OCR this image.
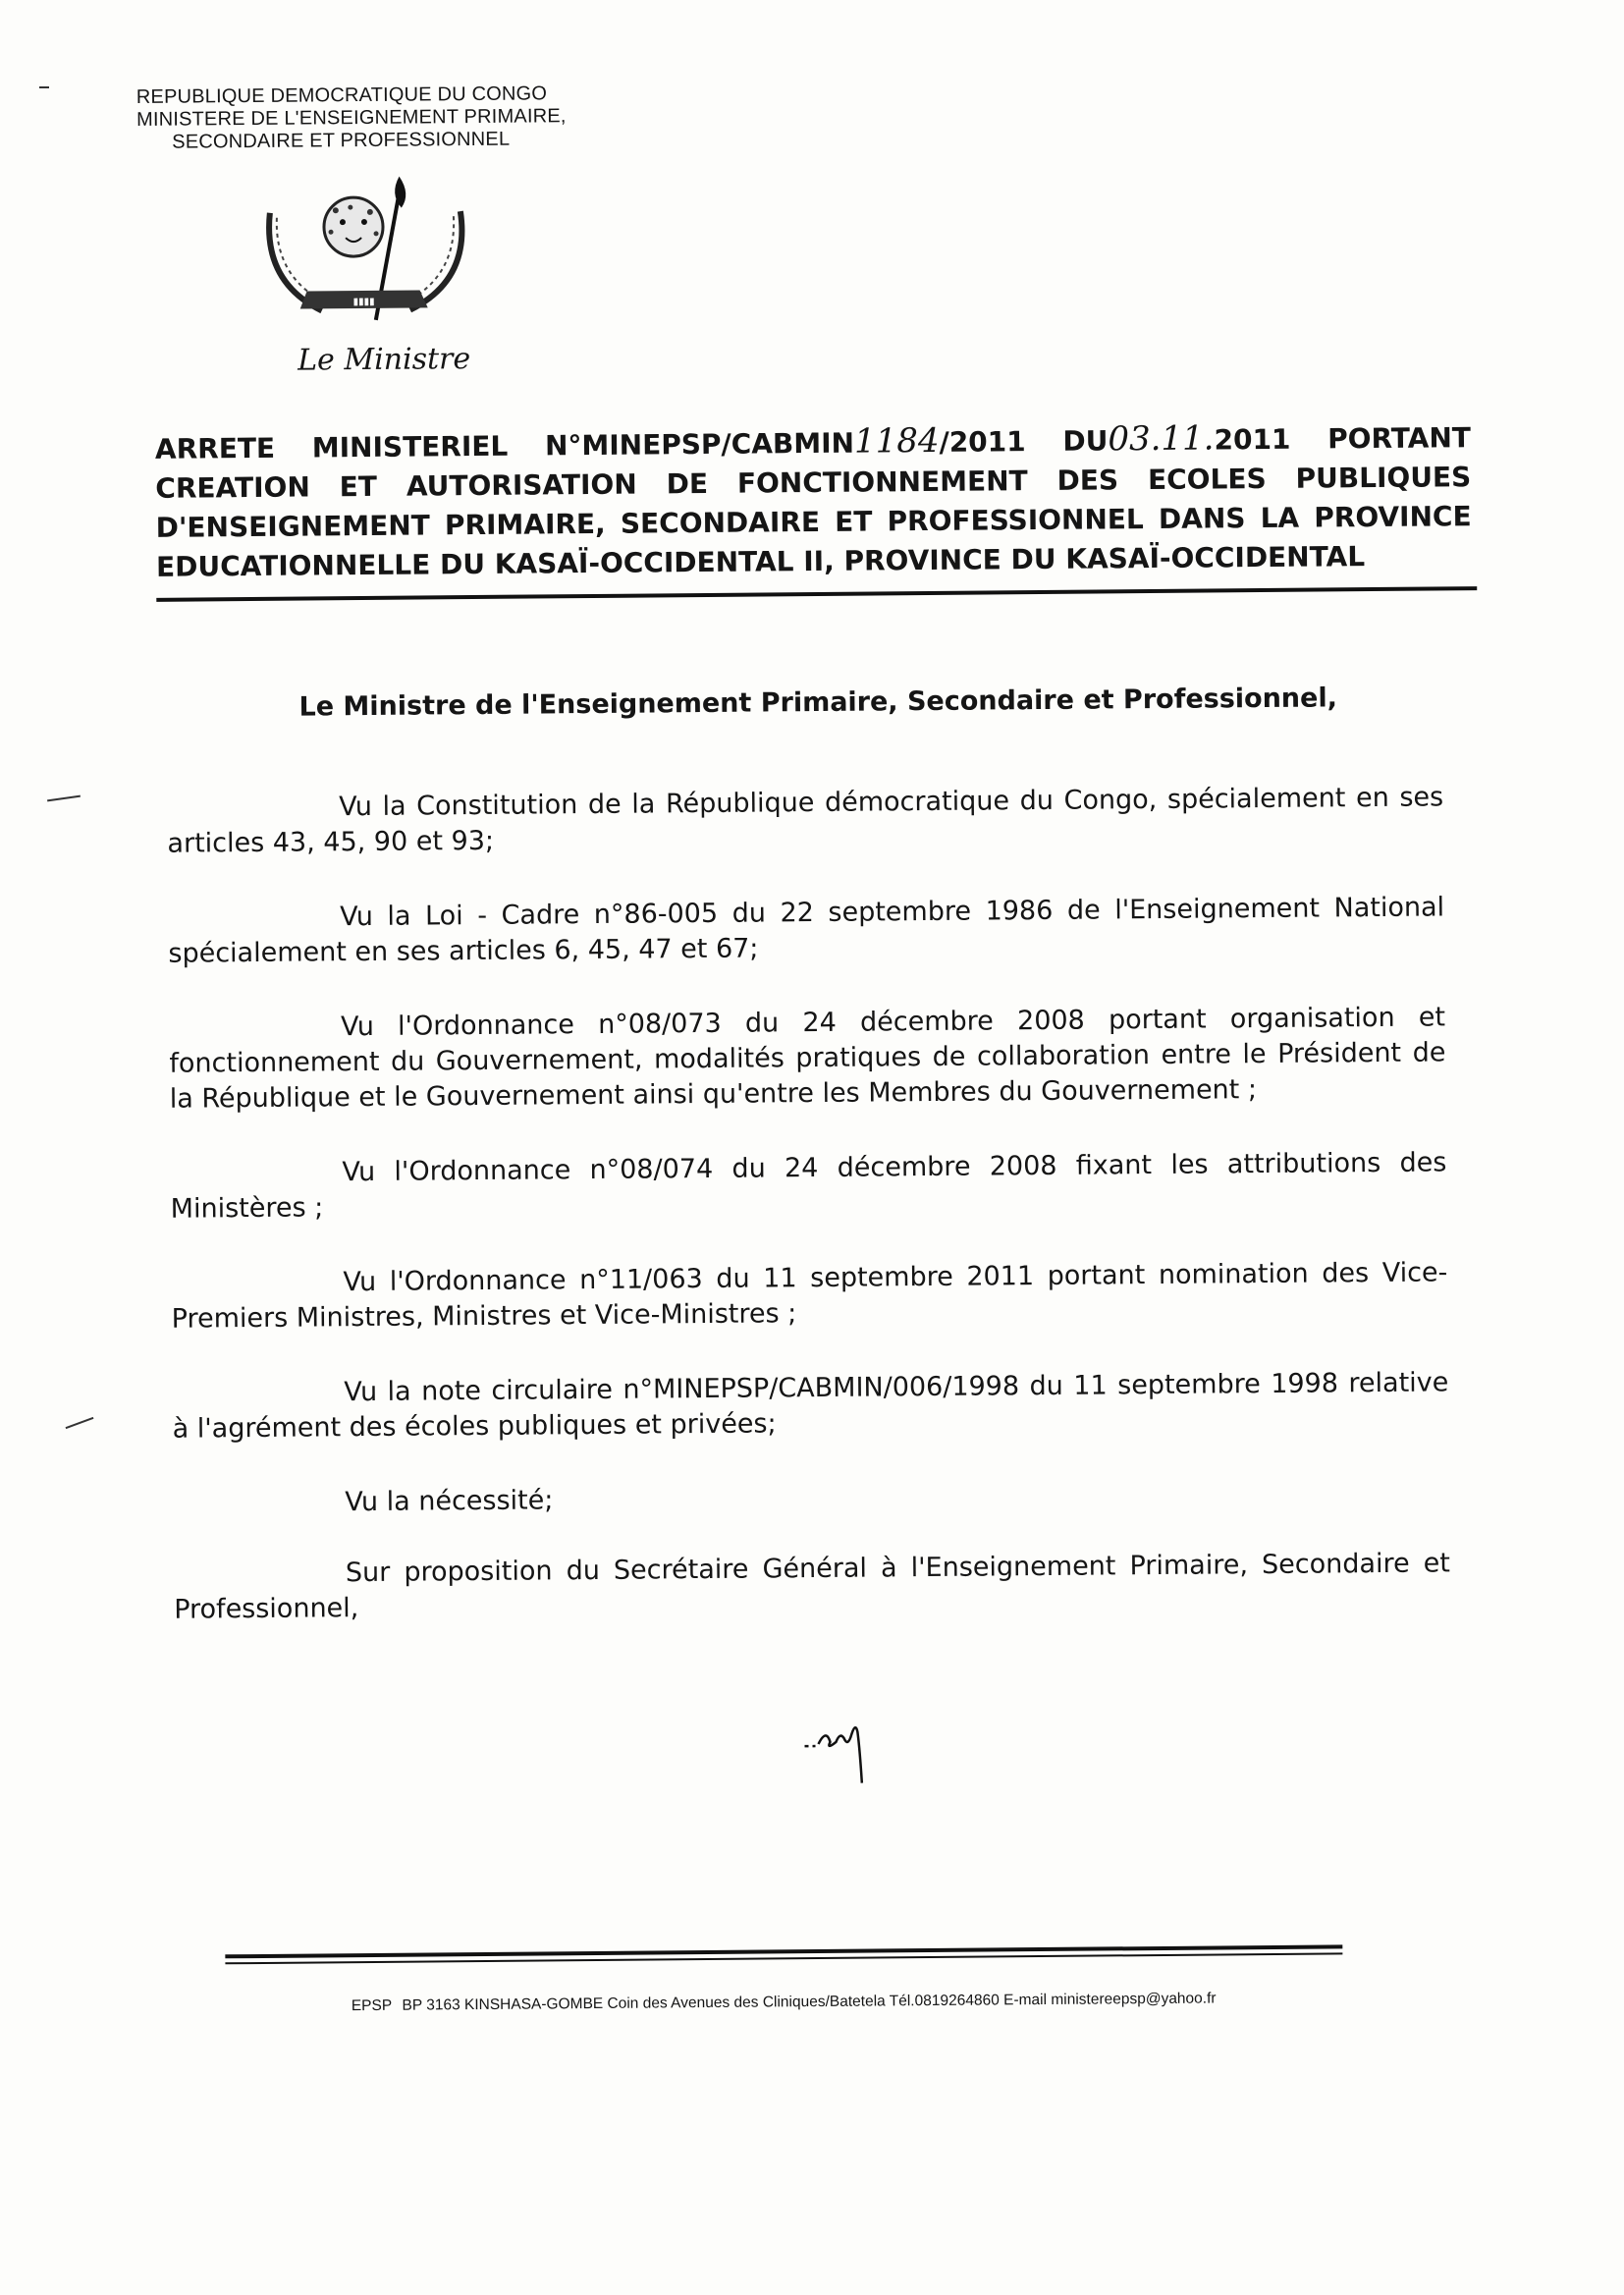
REPUBLIQUE DEMOCRATIQUE DU CONGO
MINISTERE DE L'ENSEIGNEMENT PRIMAIRE,
SECONDAIRE ET PROFESSIONNEL
▮▮▮▮
Le Ministre
ARRETE MINISTERIEL N°MINEPSP/CABMIN1184/2011 DU03.11.2011 PORTANT
CREATION ET AUTORISATION DE FONCTIONNEMENT DES ECOLES PUBLIQUES
D'ENSEIGNEMENT PRIMAIRE, SECONDAIRE ET PROFESSIONNEL DANS LA PROVINCE
EDUCATIONNELLE DU KASAÏ-OCCIDENTAL II, PROVINCE DU KASAÏ-OCCIDENTAL
Le Ministre de l'Enseignement Primaire, Secondaire et Professionnel,

Vu la Constitution de la République démocratique du Congo, spécialement en ses articles 43, 45, 90 et 93;

Vu la Loi - Cadre n°86-005 du 22 septembre 1986 de l'Enseignement National spécialement en ses articles 6, 45, 47 et 67;

Vu l'Ordonnance n°08/073 du 24 décembre 2008 portant organisation et fonctionnement du Gouvernement, modalités pratiques de collaboration entre le Président de la République et le Gouvernement ainsi qu'entre les Membres du Gouvernement ;

Vu l'Ordonnance n°08/074 du 24 décembre 2008 fixant les attributions des Ministères ;

Vu l'Ordonnance n°11/063 du 11 septembre 2011 portant nomination des Vice-Premiers Ministres, Ministres et Vice-Ministres ;

Vu la note circulaire n°MINEPSP/CABMIN/006/1998 du 11 septembre 1998 relative à l'agrément des écoles publiques et privées;

Vu la nécessité;

Sur proposition du Secrétaire Général à l'Enseignement Primaire, Secondaire et Professionnel,

EPSP BP 3163 KINSHASA-GOMBE Coin des Avenues des Cliniques/Batetela Tél.0819264860 E-mail ministereepsp@yahoo.fr
